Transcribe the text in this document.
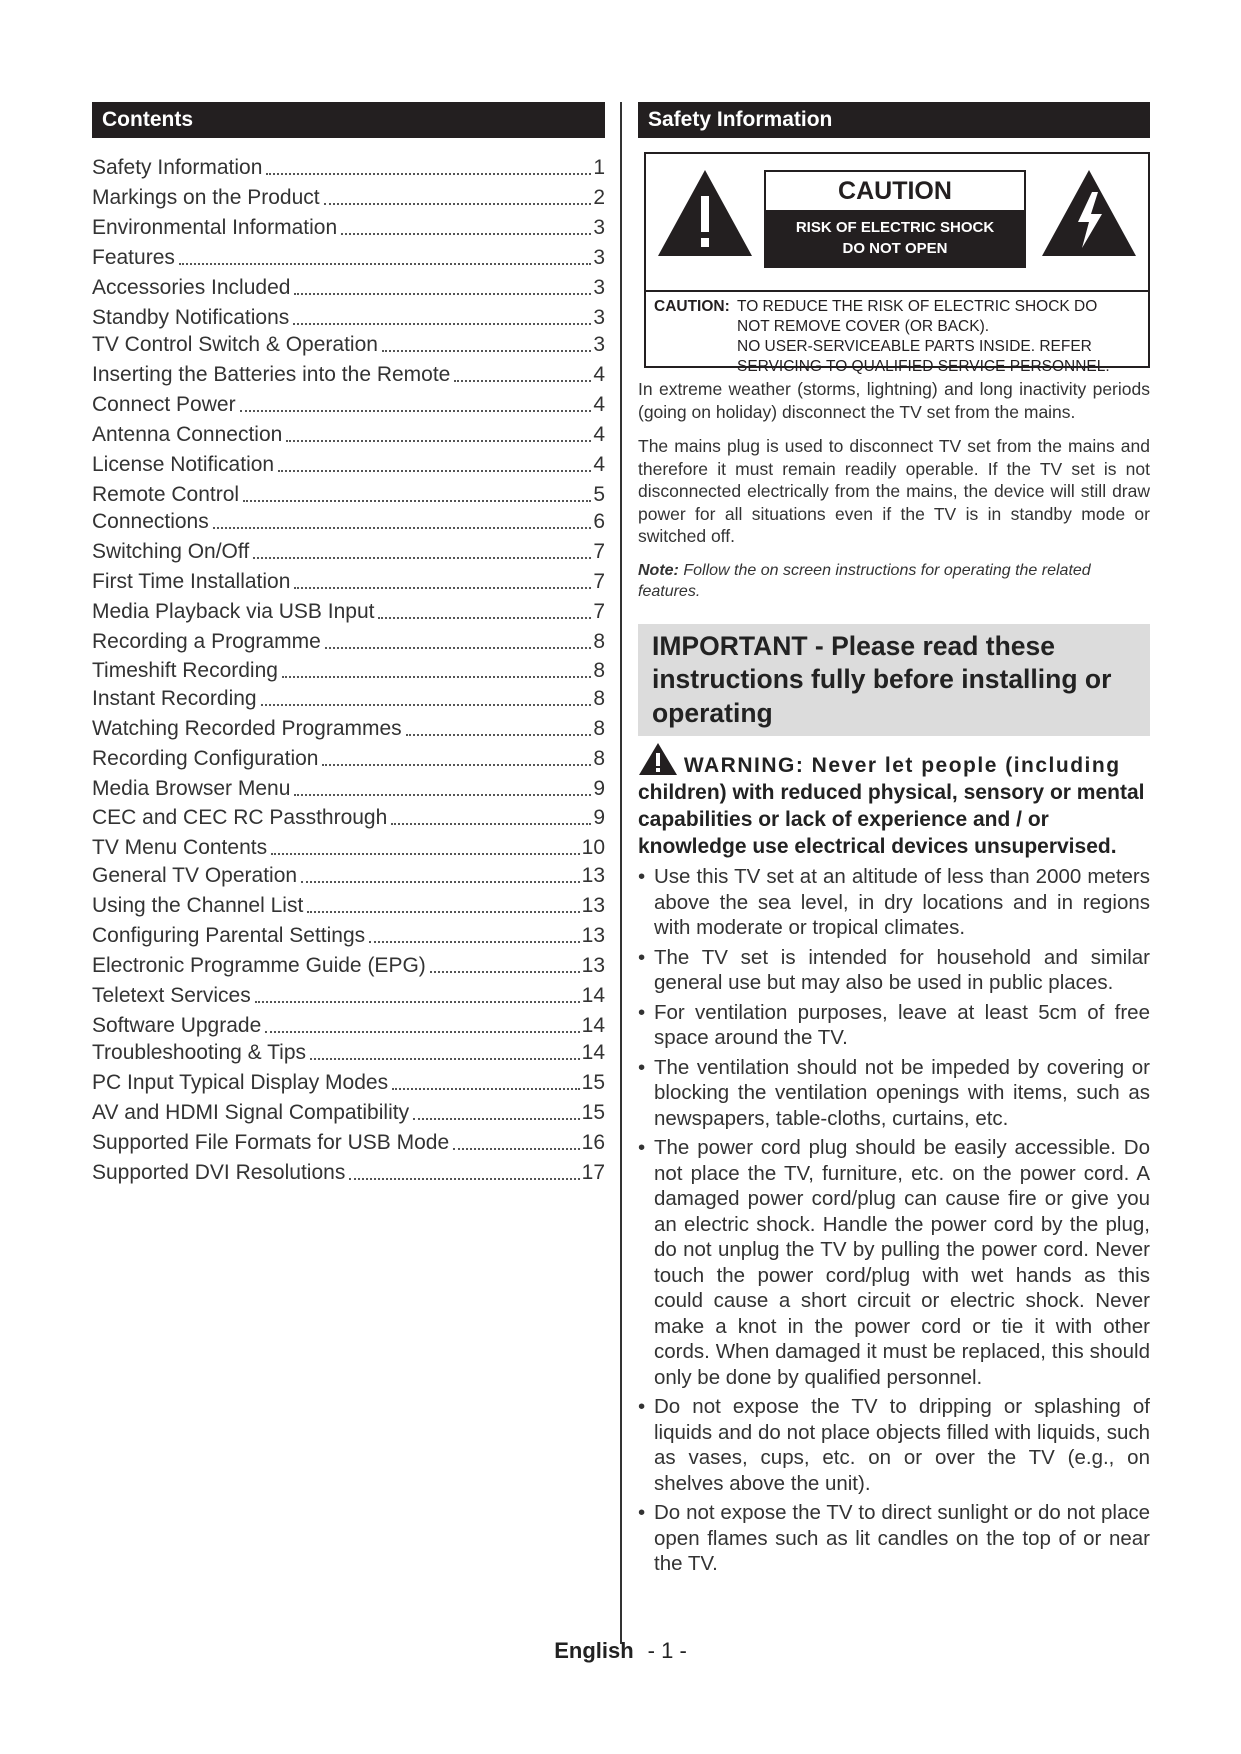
Contents
Safety Information	1
Markings on the Product	2
Environmental Information	3
Features	3
Accessories Included	3
Standby Notifications	3
TV Control Switch & Operation	3
Inserting the Batteries into the Remote	4
Connect Power	4
Antenna Connection	4
License Notification	4
Remote Control	5
Connections	6
Switching On/Off	7
First Time Installation	7
Media Playback via USB Input	7
Recording a Programme	8
Timeshift Recording	8
Instant Recording	8
Watching Recorded Programmes	8
Recording Configuration	8
Media Browser Menu	9
CEC and CEC RC Passthrough	9
TV Menu Contents	10
General TV Operation	13
Using the Channel List	13
Configuring Parental Settings	13
Electronic Programme Guide (EPG)	13
Teletext Services	14
Software Upgrade	14
Troubleshooting & Tips	14
PC Input Typical Display Modes	15
AV and HDMI Signal Compatibility	15
Supported File Formats for USB Mode	16
Supported DVI Resolutions	17
Safety Information
CAUTION
RISK OF ELECTRIC SHOCK
DO NOT OPEN
CAUTION: TO REDUCE THE RISK OF ELECTRIC SHOCK DO
NOT REMOVE COVER (OR BACK).
NO USER-SERVICEABLE PARTS INSIDE. REFER
SERVICING TO QUALIFIED SERVICE PERSONNEL.

In extreme weather (storms, lightning) and long inactivity periods (going on holiday) disconnect the TV set from the mains.

The mains plug is used to disconnect TV set from the mains and therefore it must remain readily operable. If the TV set is not disconnected electrically from the mains, the device will still draw power for all situations even if the TV is in standby mode or switched off.

Note: Follow the on screen instructions for operating the related features.

IMPORTANT - Please read these instructions fully before installing or operating
WARNING: Never let people (including children) with reduced physical, sensory or mental capabilities or lack of experience and / or knowledge use electrical devices unsupervised.
• Use this TV set at an altitude of less than 2000 meters above the sea level, in dry locations and in regions with moderate or tropical climates.
• The TV set is intended for household and similar general use but may also be used in public places.
• For ventilation purposes, leave at least 5cm of free space around the TV.
• The ventilation should not be impeded by covering or blocking the ventilation openings with items, such as newspapers, table-cloths, curtains, etc.
• The power cord plug should be easily accessible. Do not place the TV, furniture, etc. on the power cord. A damaged power cord/plug can cause fire or give you an electric shock. Handle the power cord by the plug, do not unplug the TV by pulling the power cord. Never touch the power cord/plug with wet hands as this could cause a short circuit or electric shock. Never make a knot in the power cord or tie it with other cords. When damaged it must be replaced, this should only be done by qualified personnel.
• Do not expose the TV to dripping or splashing of liquids and do not place objects filled with liquids, such as vases, cups, etc. on or over the TV (e.g., on shelves above the unit).
• Do not expose the TV to direct sunlight or do not place open flames such as lit candles on the top of or near the TV.
English - 1 -
